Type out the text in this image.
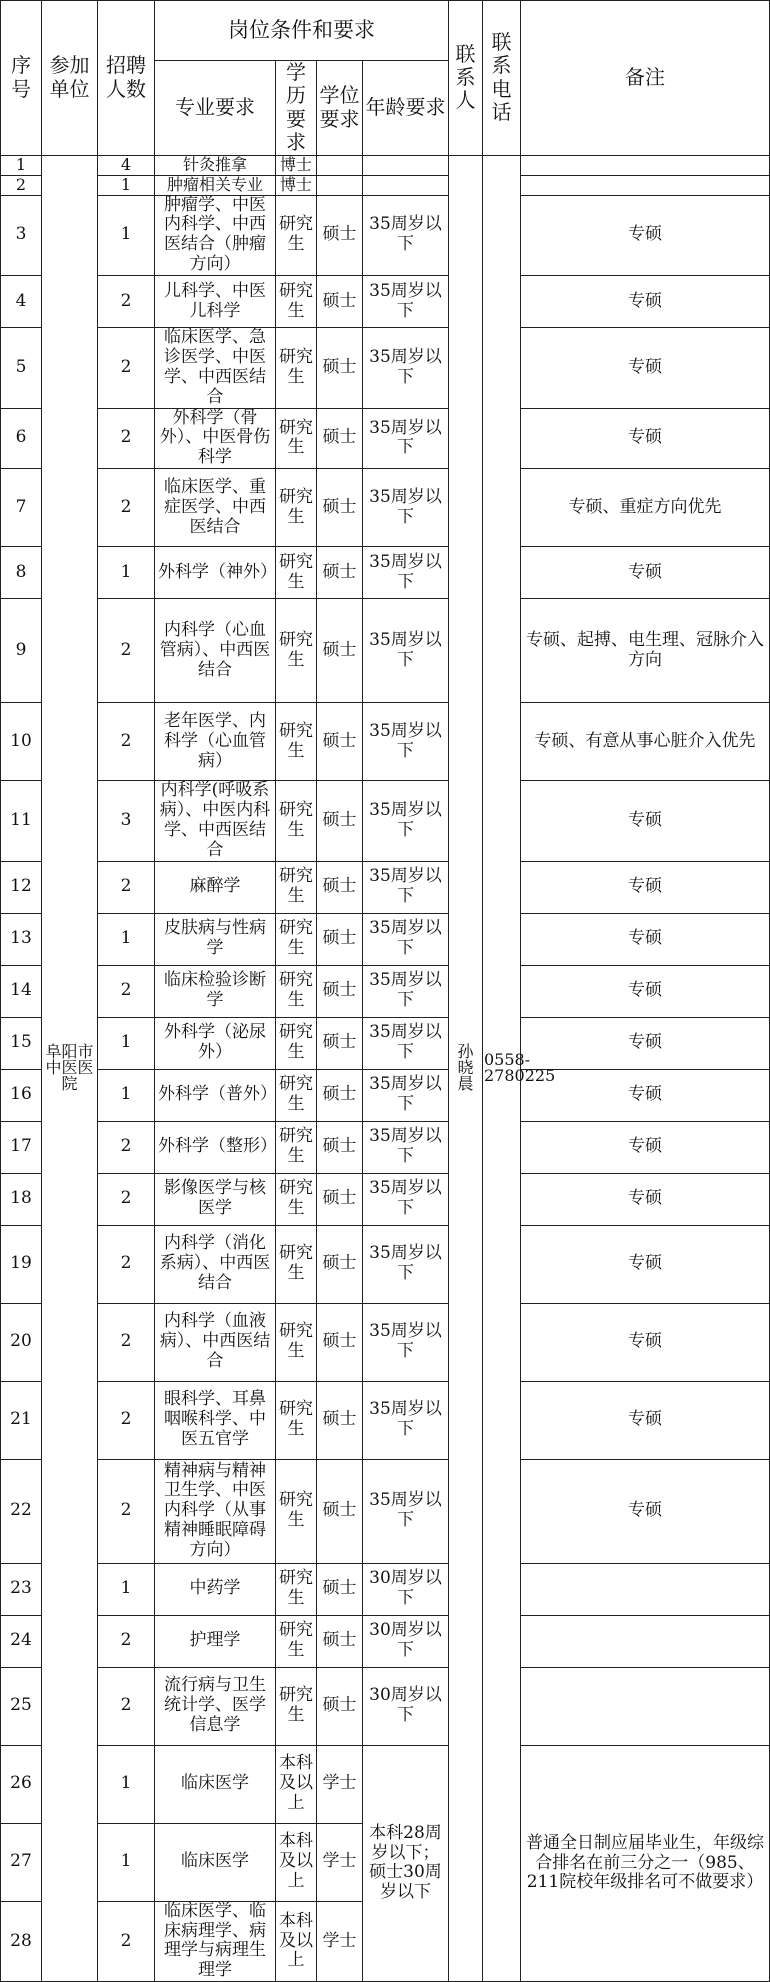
序号	参加单位	招聘人数	岗位条件和要求				联系人	联系电话	备注
			专业要求	学历要求	学位要求	年龄要求			
1	阜阳市中医医院	4	针灸推拿	博士			孙晓晨	0558-2780225	
2		1	肿瘤相关专业	博士					
3		1	肿瘤学、中医内科学、中西医结合（肿瘤方向）	研究生	硕士	35周岁以下			专硕
4		2	儿科学、中医儿科学	研究生	硕士	35周岁以下			专硕
5		2	临床医学、急诊医学、中医学、中西医结合	研究生	硕士	35周岁以下			专硕
6		2	外科学（骨外）、中医骨伤科学	研究生	硕士	35周岁以下			专硕
7		2	临床医学、重症医学、中西医结合	研究生	硕士	35周岁以下			专硕、重症方向优先
8		1	外科学（神外）	研究生	硕士	35周岁以下			专硕
9		2	内科学（心血管病）、中西医结合	研究生	硕士	35周岁以下			专硕、起搏、电生理、冠脉介入方向
10		2	老年医学、内科学（心血管病）	研究生	硕士	35周岁以下			专硕、有意从事心脏介入优先
11		3	内科学(呼吸系病）、中医内科学、中西医结合	研究生	硕士	35周岁以下			专硕
12		2	麻醉学	研究生	硕士	35周岁以下			专硕
13		1	皮肤病与性病学	研究生	硕士	35周岁以下			专硕
14		2	临床检验诊断学	研究生	硕士	35周岁以下			专硕
15		1	外科学（泌尿外）	研究生	硕士	35周岁以下			专硕
16		1	外科学（普外）	研究生	硕士	35周岁以下			专硕
17		2	外科学（整形）	研究生	硕士	35周岁以下			专硕
18		2	影像医学与核医学	研究生	硕士	35周岁以下			专硕
19		2	内科学（消化系病）、中西医结合	研究生	硕士	35周岁以下			专硕
20		2	内科学（血液病）、中西医结合	研究生	硕士	35周岁以下			专硕
21		2	眼科学、耳鼻咽喉科学、中医五官学	研究生	硕士	35周岁以下			专硕
22		2	精神病与精神卫生学、中医内科学（从事精神睡眠障碍方向）	研究生	硕士	35周岁以下			专硕
23		1	中药学	研究生	硕士	30周岁以下			
24		2	护理学	研究生	硕士	30周岁以下			
25		2	流行病与卫生统计学、医学信息学	研究生	硕士	30周岁以下			
26		1	临床医学	本科及以上	学士	本科28周岁以下；硕士30周岁以下			普通全日制应届毕业生，年级综合排名在前三分之一（985、211院校年级排名可不做要求）
27		1	临床医学	本科及以上	学士				
28		2	临床医学、临床病理学、病理学与病理生理学	本科及以上	学士				
